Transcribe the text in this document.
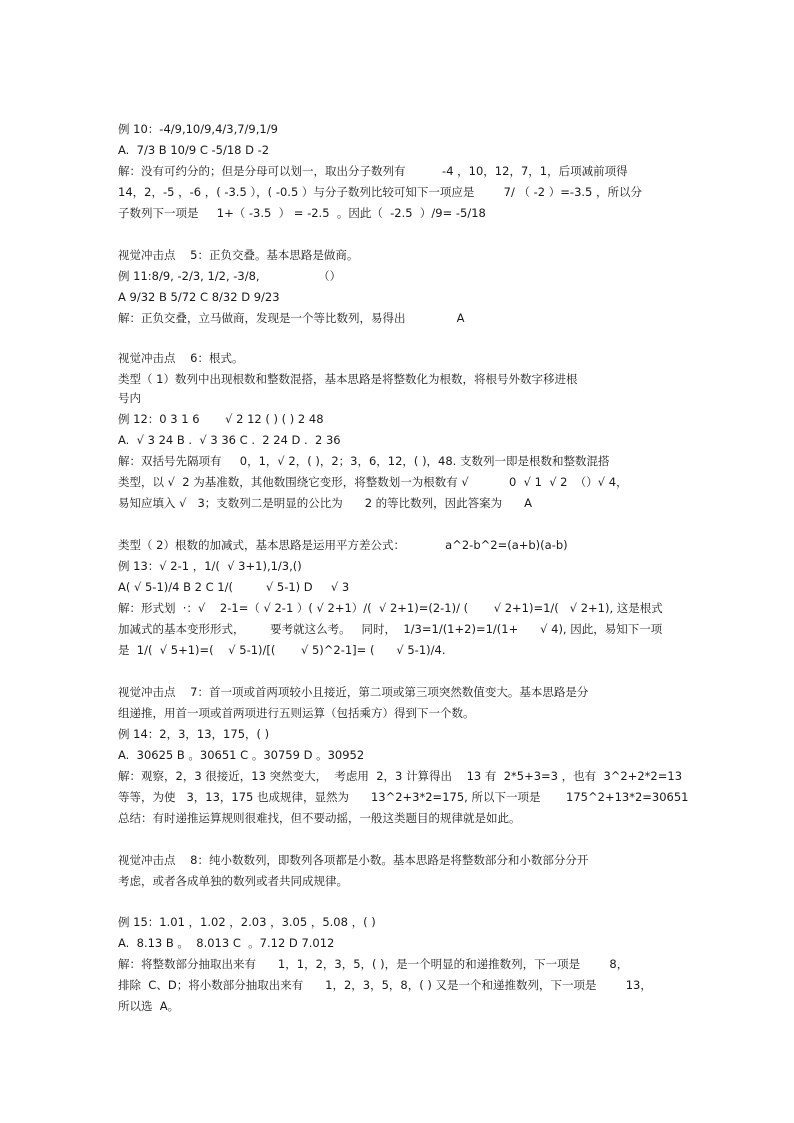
例 10：-4/9,10/9,4/3,7/9,1/9
A.  7/3 B 10/9 C -5/18 D -2
解：没有可约分的；但是分母可以划一，取出分子数列有          -4 ，10，12，7，1，后项减前项得
14，2，-5 ，-6 ，( -3.5 ），( -0.5 ）与分子数列比较可知下一项应是        7/ （ -2 ）=-3.5 ，所以分
子数列下一项是     1+（ -3.5  ） = -2.5  。因此（  -2.5  ）/9= -5/18
视觉冲击点    5：正负交叠。基本思路是做商。
例 11:8/9, -2/3, 1/2, -3/8,                （）
A 9/32 B 5/72 C 8/32 D 9/23
解：正负交叠，立马做商，发现是一个等比数列，易得出              A
视觉冲击点    6：根式。
类型（ 1）数列中出现根数和整数混搭，基本思路是将整数化为根数，将根号外数字移进根
号内
例 12：0 3 1 6       √ 2 12 ( ) ( ) 2 48
A.  √ 3 24 B .  √ 3 36 C .  2 24 D .  2 36
解：双括号先隔项有     0，1，√ 2，( )，2；3，6，12，( )，48. 支数列一即是根数和整数混搭
类型，以 √  2 为基准数，其他数围绕它变形，将整数划一为根数有 √           0  √ 1  √ 2  （）√ 4，
易知应填入 √   3；支数列二是明显的公比为      2 的等比数列，因此答案为      A
类型（ 2）根数的加减式，基本思路是运用平方差公式：           a^2-b^2=(a+b)(a-b)
例 13：√ 2-1 ，1/(  √ 3+1),1/3,()
A( √ 5-1)/4 B 2 C 1/(         √ 5-1) D     √ 3
解：形式划  ·：√    2-1=（ √ 2-1 ）( √ 2+1）/(  √ 2+1)=(2-1)/ (       √ 2+1)=1/(   √ 2+1), 这是根式
加减式的基本变形形式，       要考就这么考。   同时，  1/3=1/(1+2)=1/(1+      √ 4), 因此，易知下一项
是  1/(  √ 5+1)=(    √ 5-1)/[(       √ 5)^2-1]= (      √ 5-1)/4.
视觉冲击点    7：首一项或首两项较小且接近，第二项或第三项突然数值变大。基本思路是分
组递推，用首一项或首两项进行五则运算（包括乘方）得到下一个数。
例 14：2，3，13，175，( )
A.  30625 B 。30651 C 。30759 D 。30952
解：观察，2，3 很接近，13 突然变大，  考虑用  2，3 计算得出    13 有  2*5+3=3 ，也有  3^2+2*2=13
等等，为使   3，13，175 也成规律，显然为      13^2+3*2=175, 所以下一项是       175^2+13*2=30651
总结：有时递推运算规则很难找，但不要动摇，一般这类题目的规律就是如此。
视觉冲击点    8：纯小数数列，即数列各项都是小数。基本思路是将整数部分和小数部分分开
考虑，或者各成单独的数列或者共同成规律。
例 15：1.01 ，1.02 ，2.03 ，3.05 ，5.08 ，( )
A.  8.13 B 。  8.013 C  。7.12 D 7.012
解：将整数部分抽取出来有      1，1，2，3，5，( )，是一个明显的和递推数列，下一项是        8，
排除  C、D；将小数部分抽取出来有      1，2，3，5，8，( ) 又是一个和递推数列，下一项是        13，
所以选  A。
